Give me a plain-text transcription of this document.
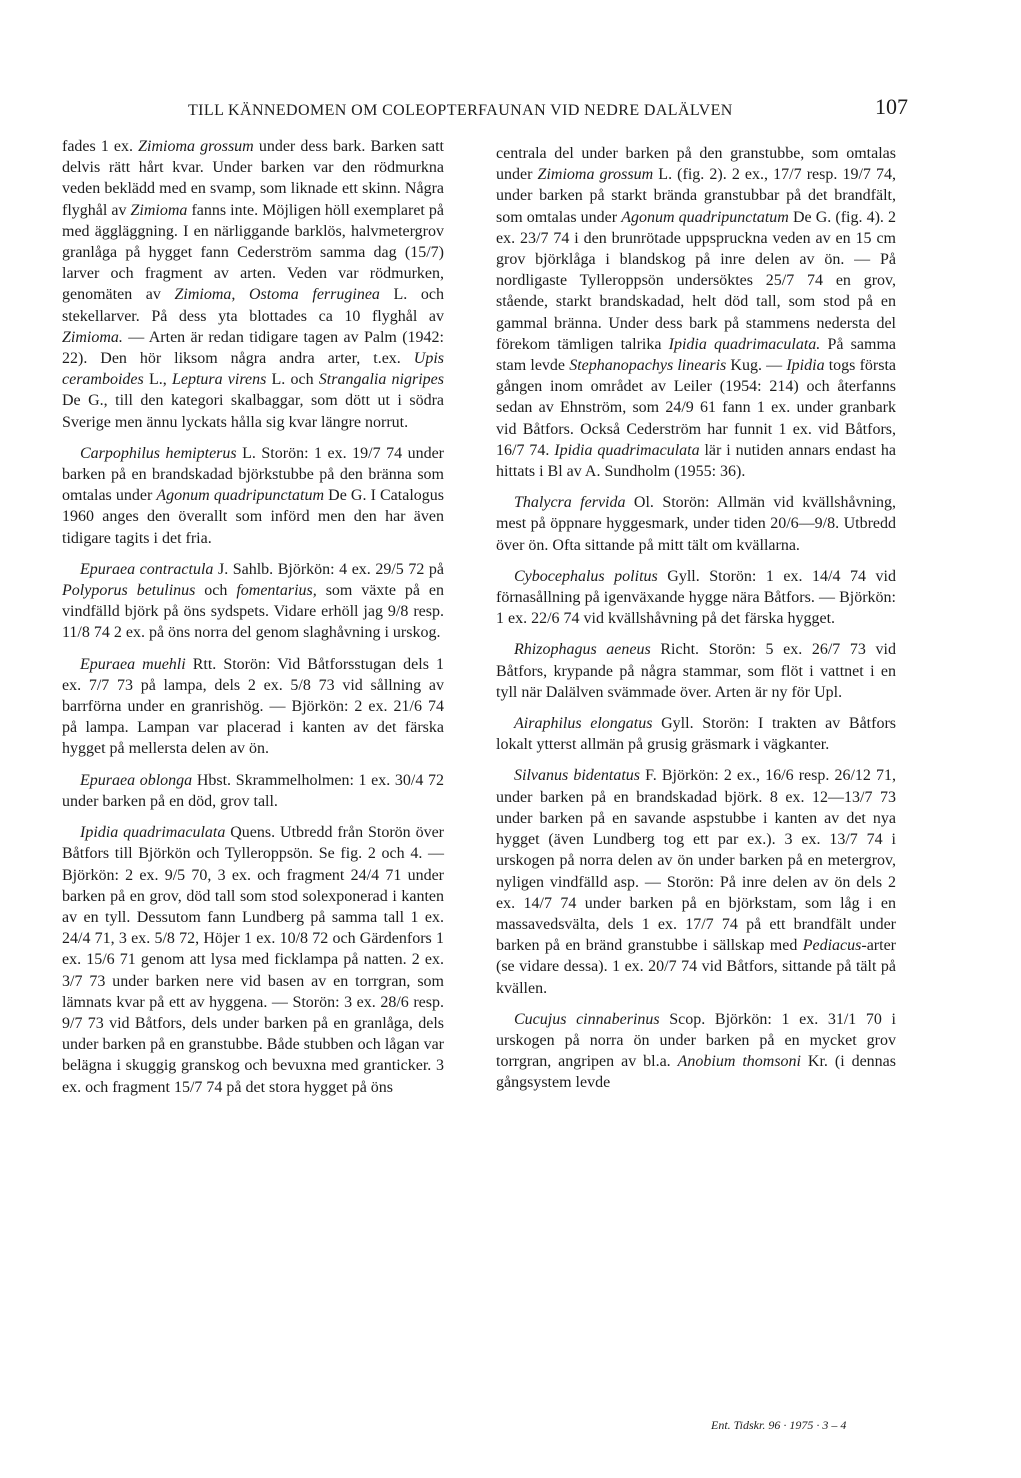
TILL KÄNNEDOMEN OM COLEOPTERFAUNAN VID NEDRE DALÄLVEN	107

fades 1 ex. Zimioma grossum under dess bark. Barken satt delvis rätt hårt kvar. Under barken var den rödmurkna veden beklädd med en svamp, som liknade ett skinn. Några flyghål av Zimioma fanns inte. Möjligen höll exemplaret på med äggläggning. I en närliggande barklös, halvmetergrov granlåga på hygget fann Cederström samma dag (15/7) larver och fragment av arten. Veden var rödmurken, genomäten av Zimioma, Ostoma ferruginea L. och stekellarver. På dess yta blottades ca 10 flyghål av Zimioma. — Arten är redan tidigare tagen av Palm (1942: 22). Den hör liksom några andra arter, t.ex. Upis ceramboides L., Leptura virens L. och Strangalia nigripes De G., till den kategori skalbaggar, som dött ut i södra Sverige men ännu lyckats hålla sig kvar längre norrut.

Carpophilus hemipterus L. Storön: 1 ex. 19/7 74 under barken på en brandskadad björkstubbe på den bränna som omtalas under Agonum quadripunctatum De G. I Catalogus 1960 anges den överallt som införd men den har även tidigare tagits i det fria.

Epuraea contractula J. Sahlb. Björkön: 4 ex. 29/5 72 på Polyporus betulinus och fomentarius, som växte på en vindfälld björk på öns sydspets. Vidare erhöll jag 9/8 resp. 11/8 74 2 ex. på öns norra del genom slaghåvning i urskog.

Epuraea muehli Rtt. Storön: Vid Båtforsstugan dels 1 ex. 7/7 73 på lampa, dels 2 ex. 5/8 73 vid sållning av barrförna under en granrishög. — Björkön: 2 ex. 21/6 74 på lampa. Lampan var placerad i kanten av det färska hygget på mellersta delen av ön.

Epuraea oblonga Hbst. Skrammelholmen: 1 ex. 30/4 72 under barken på en död, grov tall.

Ipidia quadrimaculata Quens. Utbredd från Storön över Båtfors till Björkön och Tylleroppsön. Se fig. 2 och 4. — Björkön: 2 ex. 9/5 70, 3 ex. och fragment 24/4 71 under barken på en grov, död tall som stod solexponerad i kanten av en tyll. Dessutom fann Lundberg på samma tall 1 ex. 24/4 71, 3 ex. 5/8 72, Höjer 1 ex. 10/8 72 och Gärdenfors 1 ex. 15/6 71 genom att lysa med ficklampa på natten. 2 ex. 3/7 73 under barken nere vid basen av en torrgran, som lämnats kvar på ett av hyggena. — Storön: 3 ex. 28/6 resp. 9/7 73 vid Båtfors, dels under barken på en granlåga, dels under barken på en granstubbe. Både stubben och lågan var belägna i skuggig granskog och bevuxna med granticker. 3 ex. och fragment 15/7 74 på det stora hygget på öns

centrala del under barken på den granstubbe, som omtalas under Zimioma grossum L. (fig. 2). 2 ex., 17/7 resp. 19/7 74, under barken på starkt brända granstubbar på det brandfält, som omtalas under Agonum quadripunctatum De G. (fig. 4). 2 ex. 23/7 74 i den brunrötade uppspruckna veden av en 15 cm grov björklåga i blandskog på inre delen av ön. — På nordligaste Tylleroppsön undersöktes 25/7 74 en grov, stående, starkt brandskadad, helt död tall, som stod på en gammal bränna. Under dess bark på stammens nedersta del förekom tämligen talrika Ipidia quadrimaculata. På samma stam levde Stephanopachys linearis Kug. — Ipidia togs första gången inom området av Leiler (1954: 214) och återfanns sedan av Ehnström, som 24/9 61 fann 1 ex. under granbark vid Båtfors. Också Cederström har funnit 1 ex. vid Båtfors, 16/7 74. Ipidia quadrimaculata lär i nutiden annars endast ha hittats i Bl av A. Sundholm (1955: 36).

Thalycra fervida Ol. Storön: Allmän vid kvällshåvning, mest på öppnare hyggesmark, under tiden 20/6—9/8. Utbredd över ön. Ofta sittande på mitt tält om kvällarna.

Cybocephalus politus Gyll. Storön: 1 ex. 14/4 74 vid förnasållning på igenväxande hygge nära Båtfors. — Björkön: 1 ex. 22/6 74 vid kvällshåvning på det färska hygget.

Rhizophagus aeneus Richt. Storön: 5 ex. 26/7 73 vid Båtfors, krypande på några stammar, som flöt i vattnet i en tyll när Dalälven svämmade över. Arten är ny för Upl.

Airaphilus elongatus Gyll. Storön: I trakten av Båtfors lokalt ytterst allmän på grusig gräsmark i vägkanter.

Silvanus bidentatus F. Björkön: 2 ex., 16/6 resp. 26/12 71, under barken på en brandskadad björk. 8 ex. 12—13/7 73 under barken på en savande aspstubbe i kanten av det nya hygget (även Lundberg tog ett par ex.). 3 ex. 13/7 74 i urskogen på norra delen av ön under barken på en metergrov, nyligen vindfälld asp. — Storön: På inre delen av ön dels 2 ex. 14/7 74 under barken på en björkstam, som låg i en massavedsvälta, dels 1 ex. 17/7 74 på ett brandfält under barken på en bränd granstubbe i sällskap med Pediacus-arter (se vidare dessa). 1 ex. 20/7 74 vid Båtfors, sittande på tält på kvällen.

Cucujus cinnaberinus Scop. Björkön: 1 ex. 31/1 70 i urskogen på norra ön under barken på en mycket grov torrgran, angripen av bl.a. Anobium thomsoni Kr. (i dennas gångsystem levde

Ent. Tidskr. 96 · 1975 · 3 – 4
